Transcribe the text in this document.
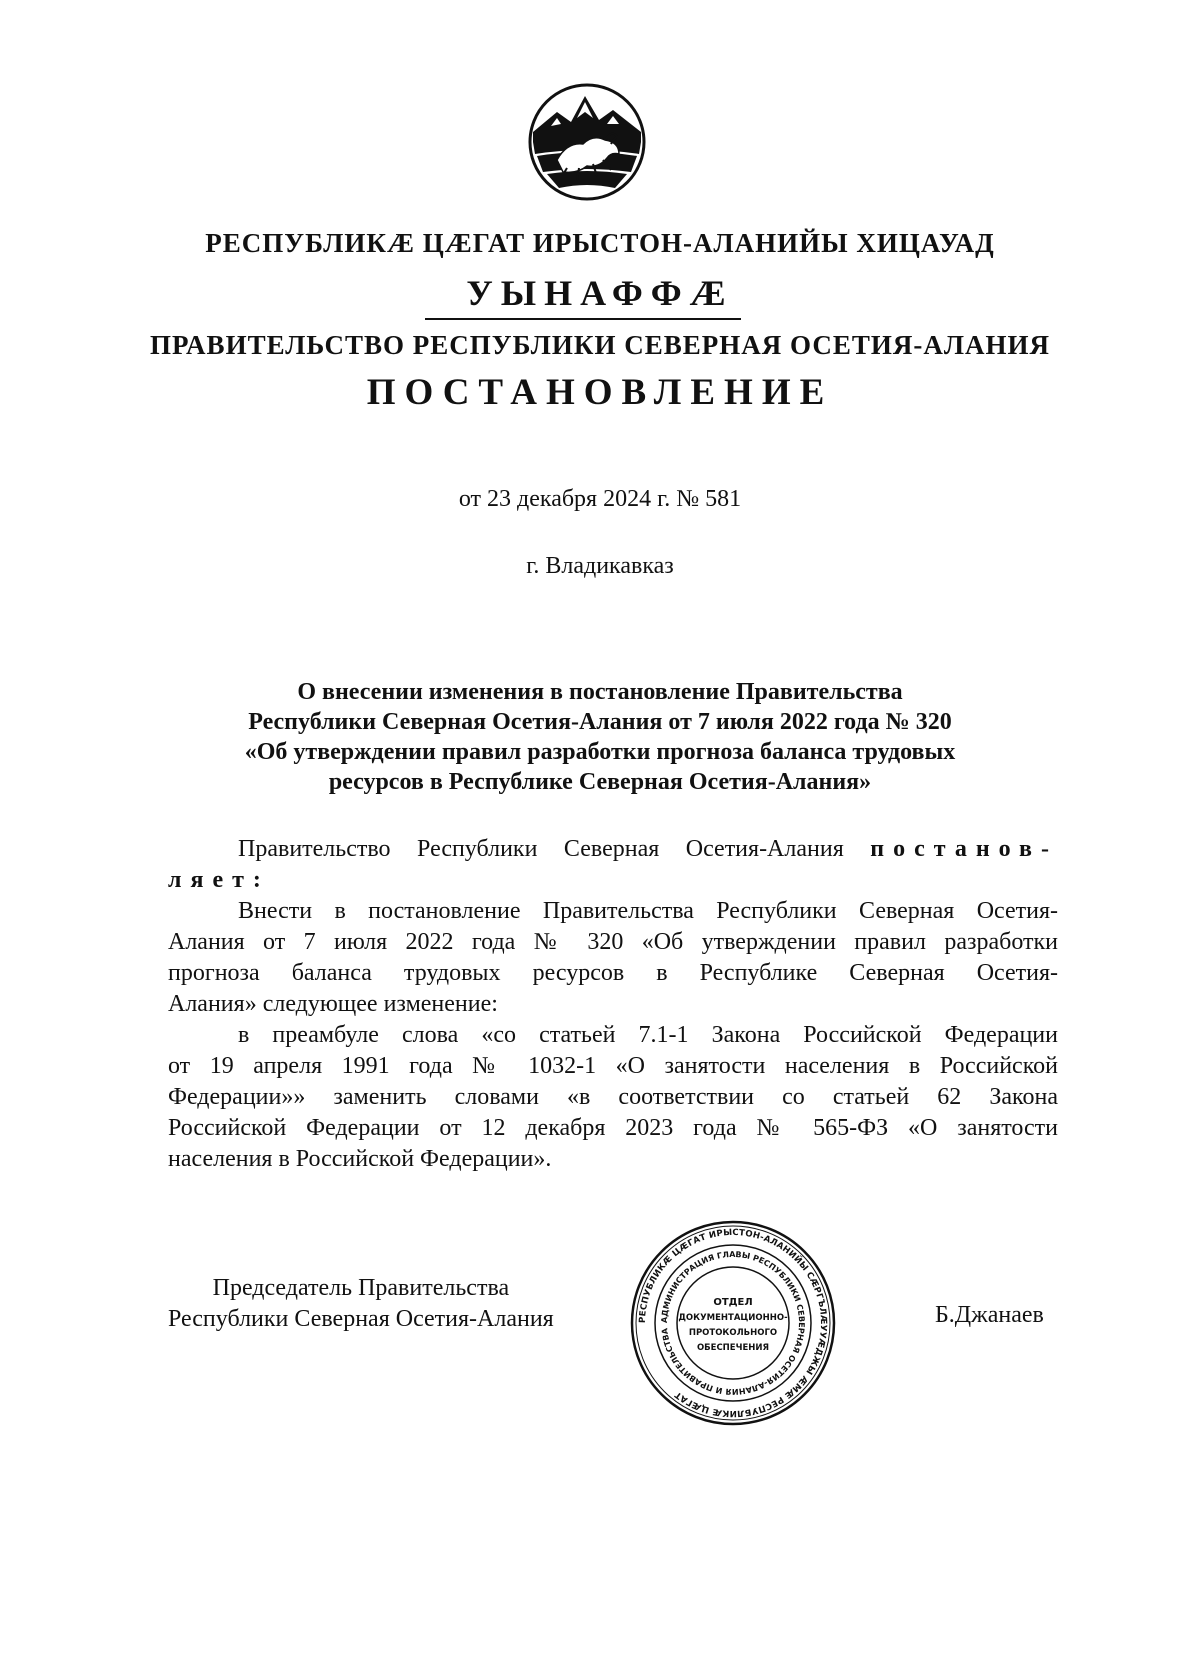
РЕСПУБЛИКӔ ЦӔГАТ ИРЫСТОН-АЛАНИЙЫ ХИЦАУАД
УЫНАФФӔ
ПРАВИТЕЛЬСТВО РЕСПУБЛИКИ СЕВЕРНАЯ ОСЕТИЯ-АЛАНИЯ
ПОСТАНОВЛЕНИЕ
от 23 декабря 2024 г. № 581
г. Владикавказ
О внесении изменения в постановление Правительства
Республики Северная Осетия-Алания от 7 июля 2022 года № 320
«Об утверждении правил разработки прогноза баланса трудовых
ресурсов в Республике Северная Осетия-Алания»
Правительство Республики Северная Осетия-Алания постанов-
ляет:
Внести в постановление Правительства Республики Северная Осетия-
Алания от 7 июля 2022 года № 320 «Об утверждении правил разработки
прогноза баланса трудовых ресурсов в Республике Северная Осетия-
Алания» следующее изменение:
в преамбуле слова «со статьей 7.1-1 Закона Российской Федерации
от 19 апреля 1991 года № 1032-1 «О занятости населения в Российской
Федерации»» заменить словами «в соответствии со статьей 62 Закона
Российской Федерации от 12 декабря 2023 года № 565-ФЗ «О занятости
населения в Российской Федерации».
Председатель Правительства
Республики Северная Осетия-Алания	РЕСПУБЛИКӔ ЦӔГАТ ИРЫСТОН-АЛАНИЙЫ СӔРГЪЛӔУУӔДЖЫ ӔМӔ РЕСПУБЛИКӔ ЦӔГАТ
АДМИНИСТРАЦИЯ ГЛАВЫ РЕСПУБЛИКИ СЕВЕРНАЯ ОСЕТИЯ-АЛАНИЯ И ПРАВИТЕЛЬСТВА
ОТДЕЛ
ДОКУМЕНТАЦИОННО-
ПРОТОКОЛЬНОГО
ОБЕСПЕЧЕНИЯ
Б.Джанаев
